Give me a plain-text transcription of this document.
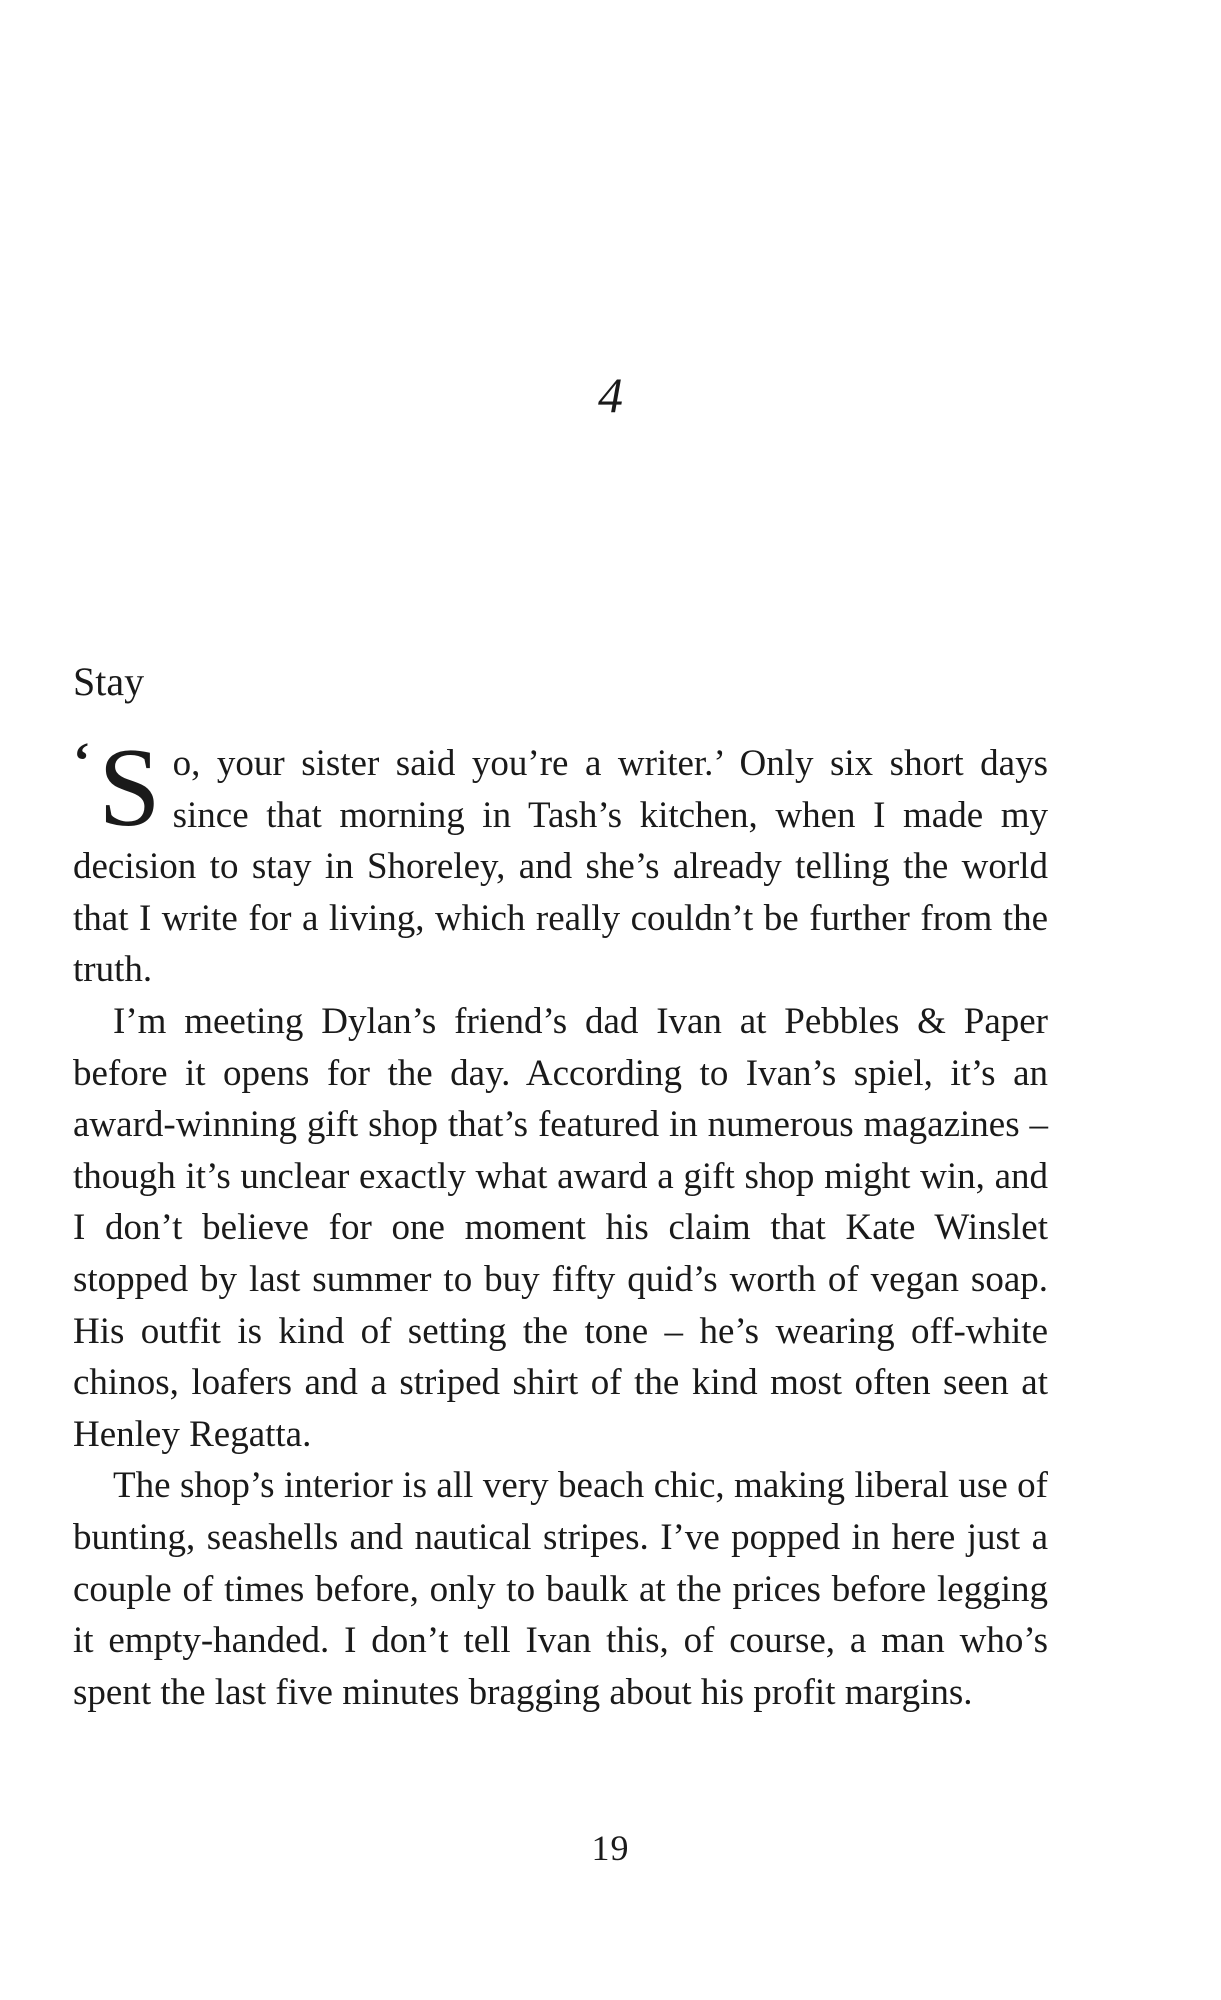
4
Stay

‘ S o, your sister said you’re a writer.’ Only six short days since that morning in Tash’s kitchen, when I made my decision to stay in Shoreley, and she’s already telling the world that I write for a living, which really couldn’t be further from the truth.

I’m meeting Dylan’s friend’s dad Ivan at Pebbles & Paper before it opens for the day. According to Ivan’s spiel, it’s an award-winning gift shop that’s featured in numerous magazines – though it’s unclear exactly what award a gift shop might win, and I don’t believe for one moment his claim that Kate Winslet stopped by last summer to buy fifty quid’s worth of vegan soap. His outfit is kind of setting the tone – he’s wearing off-white chinos, loafers and a striped shirt of the kind most often seen at Henley Regatta.

The shop’s interior is all very beach chic, making liberal use of bunting, seashells and nautical stripes. I’ve popped in here just a couple of times before, only to baulk at the prices before legging it empty-handed. I don’t tell Ivan this, of course, a man who’s spent the last five minutes bragging about his profit margins.

19
